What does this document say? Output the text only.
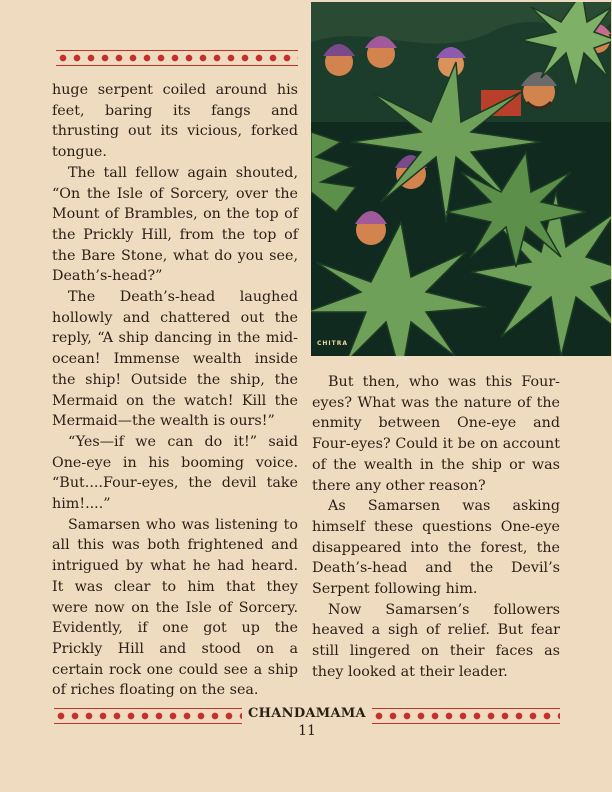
huge serpent coiled around his feet, baring its fangs and thrusting out its vicious, forked tongue.

The tall fellow again shouted, “On the Isle of Sorcery, over the Mount of Brambles, on the top of the Prickly Hill, from the top of the Bare Stone, what do you see, Death’s-head?”

The Death’s-head laughed hollowly and chattered out the reply, “A ship dancing in the mid-ocean! Immense wealth inside the ship! Outside the ship, the Mermaid on the watch! Kill the Mermaid—the wealth is ours!”

“Yes—if we can do it!” said One-eye in his booming voice. “But....Four-eyes, the devil take him!....”

Samarsen who was listening to all this was both frightened and intrigued by what he had heard. It was clear to him that they were now on the Isle of Sorcery. Evidently, if one got up the Prickly Hill and stood on a certain rock one could see a ship of riches floating on the sea.

CHITRA

But then, who was this Four-eyes? What was the nature of the enmity between One-eye and Four-eyes? Could it be on account of the wealth in the ship or was there any other reason?

As Samarsen was asking himself these questions One-eye disappeared into the forest, the Death’s-head and the Devil’s Serpent following him.

Now Samarsen’s followers heaved a sigh of relief. But fear still lingered on their faces as they looked at their leader.

CHANDAMAMA
11
